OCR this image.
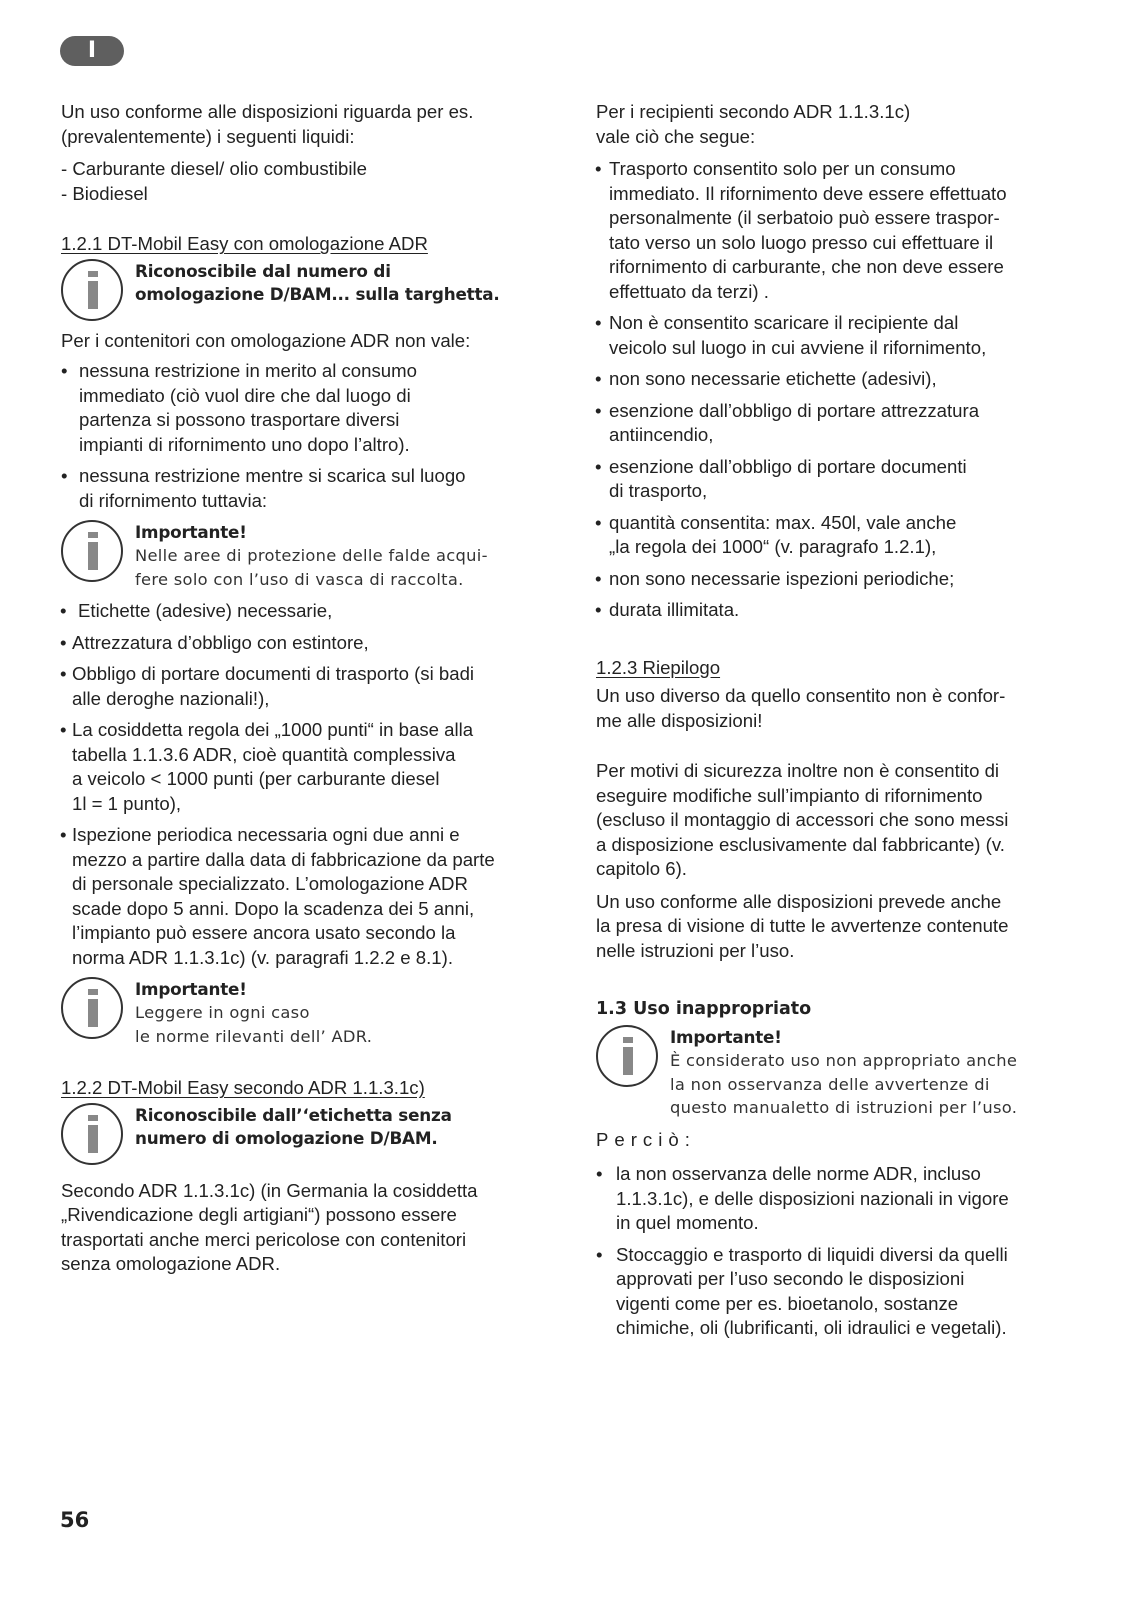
I

Un uso conforme alle disposizioni riguarda per es.
(prevalentemente) i seguenti liquidi:

- Carburante diesel/ olio combustibile
- Biodiesel
1.2.1 DT-Mobil Easy con omologazione ADR
Riconoscibile dal numero di
omologazione D/BAM... sulla targhetta.

Per i contenitori con omologazione ADR non vale:

• nessuna restrizione in merito al consumo
immediato (ciò vuol dire che dal luogo di
partenza si possono trasportare diversi
impianti di rifornimento uno dopo l’altro).
• nessuna restrizione mentre si scarica sul luogo
di rifornimento tuttavia:
Importante!
Nelle aree di protezione delle falde acqui-
fere solo con l’uso di vasca di raccolta.
• Etichette (adesive) necessarie,
• Attrezzatura d’obbligo con estintore,
• Obbligo di portare documenti di trasporto (si badi
alle deroghe nazionali!),
• La cosiddetta regola dei „1000 punti“ in base alla
tabella 1.1.3.6 ADR, cioè quantità complessiva
a veicolo < 1000 punti (per carburante diesel
1l = 1 punto),
• Ispezione periodica necessaria ogni due anni e
mezzo a partire dalla data di fabbricazione da parte
di personale specializzato. L’omologazione ADR
scade dopo 5 anni. Dopo la scadenza dei 5 anni,
l’impianto può essere ancora usato secondo la
norma ADR 1.1.3.1c) (v. paragrafi 1.2.2 e 8.1).
Importante!
Leggere in ogni caso
le norme rilevanti dell’ ADR.
1.2.2 DT-Mobil Easy secondo ADR 1.1.3.1c)
Riconoscibile dall’‘etichetta senza
numero di omologazione D/BAM.

Secondo ADR 1.1.3.1c) (in Germania la cosiddetta
„Rivendicazione degli artigiani“) possono essere
trasportati anche merci pericolose con contenitori
senza omologazione ADR.

Per i recipienti secondo ADR 1.1.3.1c)
vale ciò che segue:

• Trasporto consentito solo per un consumo
immediato. Il rifornimento deve essere effettuato
personalmente (il serbatoio può essere traspor-
tato verso un solo luogo presso cui effettuare il
rifornimento di carburante, che non deve essere
effettuato da terzi) .
• Non è consentito scaricare il recipiente dal
veicolo sul luogo in cui avviene il rifornimento,
• non sono necessarie etichette (adesivi),
• esenzione dall’obbligo di portare attrezzatura
antiincendio,
• esenzione dall’obbligo di portare documenti
di trasporto,
• quantità consentita: max. 450l, vale anche
„la regola dei 1000“ (v. paragrafo 1.2.1),
• non sono necessarie ispezioni periodiche;
• durata illimitata.
1.2.3 Riepilogo

Un uso diverso da quello consentito non è confor-
me alle disposizioni!

Per motivi di sicurezza inoltre non è consentito di
eseguire modifiche sull’impianto di rifornimento
(escluso il montaggio di accessori che sono messi
a disposizione esclusivamente dal fabbricante) (v.
capitolo 6).

Un uso conforme alle disposizioni prevede anche
la presa di visione di tutte le avvertenze contenute
nelle istruzioni per l’uso.

1.3 Uso inappropriato
Importante!
È considerato uso non appropriato anche
la non osservanza delle avvertenze di
questo manualetto di istruzioni per l’uso.
Perciò:
• la non osservanza delle norme ADR, incluso
1.1.3.1c), e delle disposizioni nazionali in vigore
in quel momento.
• Stoccaggio e trasporto di liquidi diversi da quelli
approvati per l’uso secondo le disposizioni
vigenti come per es. bioetanolo, sostanze
chimiche, oli (lubrificanti, oli idraulici e vegetali).
56
